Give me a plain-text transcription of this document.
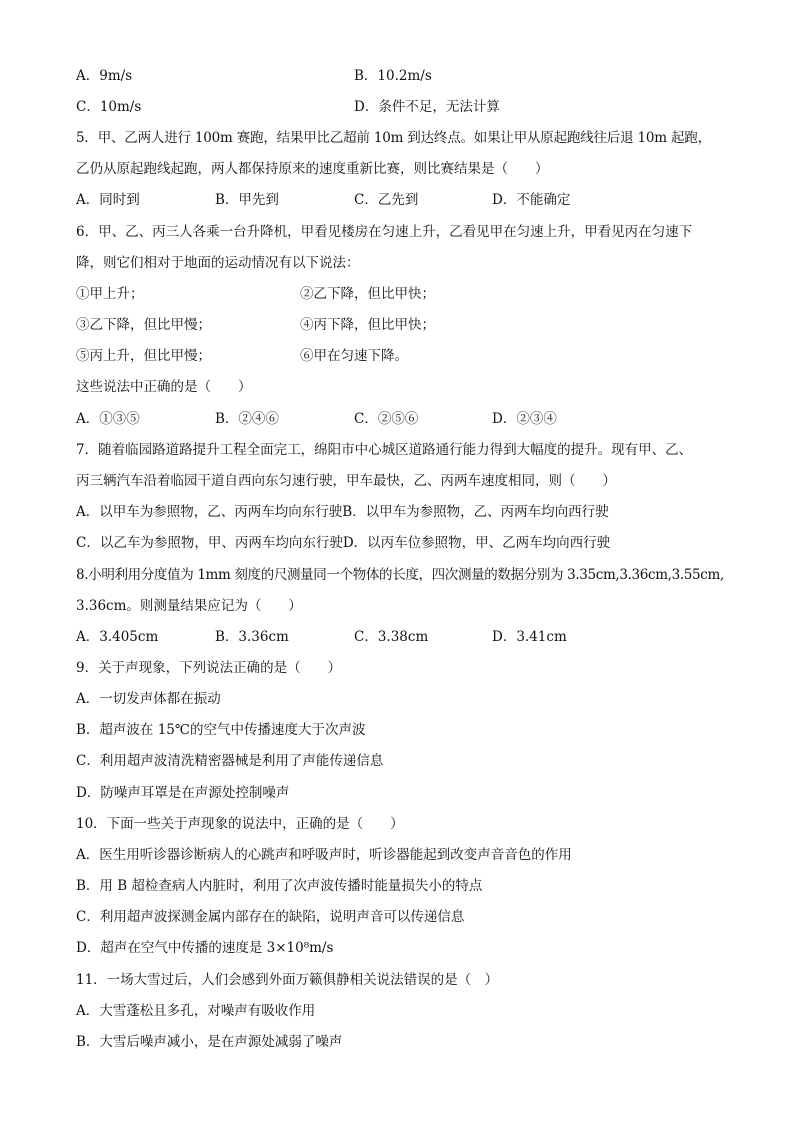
A．9m/s	B．10.2m/s
C．10m/s	D．条件不足，无法计算
5．甲、乙两人进行 100m 赛跑，结果甲比乙超前 10m 到达终点。如果让甲从原起跑线往后退 10m 起跑，
乙仍从原起跑线起跑，两人都保持原来的速度重新比赛，则比赛结果是（　　）
A．同时到	B．甲先到	C．乙先到	D．不能确定
6．甲、乙、丙三人各乘一台升降机，甲看见楼房在匀速上升，乙看见甲在匀速上升，甲看见丙在匀速下
降，则它们相对于地面的运动情况有以下说法：
①甲上升；	②乙下降，但比甲快；
③乙下降，但比甲慢；	④丙下降，但比甲快；
⑤丙上升，但比甲慢；	⑥甲在匀速下降。
这些说法中正确的是（　　）
A．①③⑤	B．②④⑥	C．②⑤⑥	D．②③④
7．随着临园路道路提升工程全面完工，绵阳市中心城区道路通行能力得到大幅度的提升。现有甲、乙、
丙三辆汽车沿着临园干道自西向东匀速行驶，甲车最快，乙、丙两车速度相同，则（　　）
A．以甲车为参照物，乙、丙两车均向东行驶B．以甲车为参照物，乙、丙两车均向西行驶
C．以乙车为参照物，甲、丙两车均向东行驶D．以丙车位参照物，甲、乙两车均向西行驶
8.小明利用分度值为 1mm 刻度的尺测量同一个物体的长度，四次测量的数据分别为 3.35cm,3.36cm,3.55cm,
3.36cm。则测量结果应记为（　　）
A．3.405cm	B．3.36cm	C．3.38cm	D．3.41cm
9．关于声现象，下列说法正确的是（　　）
A．一切发声体都在振动
B．超声波在 15℃的空气中传播速度大于次声波
C．利用超声波清洗精密器械是利用了声能传递信息
D．防噪声耳罩是在声源处控制噪声
10．下面一些关于声现象的说法中，正确的是（　　）
A．医生用听诊器诊断病人的心跳声和呼吸声时，听诊器能起到改变声音音色的作用
B．用 B 超检查病人内脏时，利用了次声波传播时能量损失小的特点
C．利用超声波探测金属内部存在的缺陷，说明声音可以传递信息
D．超声在空气中传播的速度是 3×10⁸m/s
11．一场大雪过后，人们会感到外面万籁俱静相关说法错误的是（　）
A．大雪蓬松且多孔，对噪声有吸收作用
B．大雪后噪声减小，是在声源处减弱了噪声
